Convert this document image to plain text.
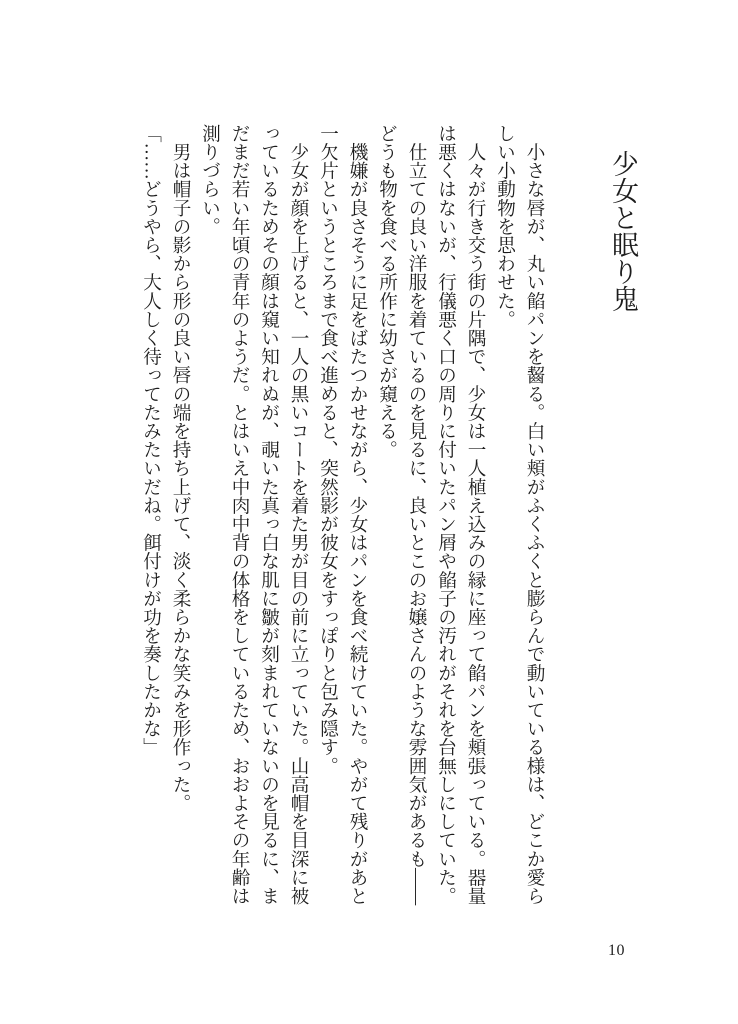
少女と眠り鬼

　小さな唇が、丸い餡パンを齧る。白い頬がふくふくと膨らんで動いている様は、どこか愛らしい小動物を思わせた。

　人々が行き交う街の片隅で、少女は一人植え込みの縁に座って餡パンを頬張っている。器量は悪くはないが、行儀悪く口の周りに付いたパン屑や餡子の汚れがそれを台無しにしていた。

　仕立ての良い洋服を着ているのを見るに、良いとこのお嬢さんのような雰囲気があるも――どうも物を食べる所作に幼さが窺える。

　機嫌が良さそうに足をばたつかせながら、少女はパンを食べ続けていた。やがて残りがあと一欠片というところまで食べ進めると、突然影が彼女をすっぽりと包み隠す。

　少女が顔を上げると、一人の黒いコートを着た男が目の前に立っていた。山高帽を目深に被っているためその顔は窺い知れぬが、覗いた真っ白な肌に皺が刻まれていないのを見るに、まだまだ若い年頃の青年のようだ。とはいえ中肉中背の体格をしているため、おおよその年齢は測りづらい。

　男は帽子の影から形の良い唇の端を持ち上げて、淡く柔らかな笑みを形作った。

「……どうやら、大人しく待ってたみたいだね。餌付けが功を奏したかな」

10
